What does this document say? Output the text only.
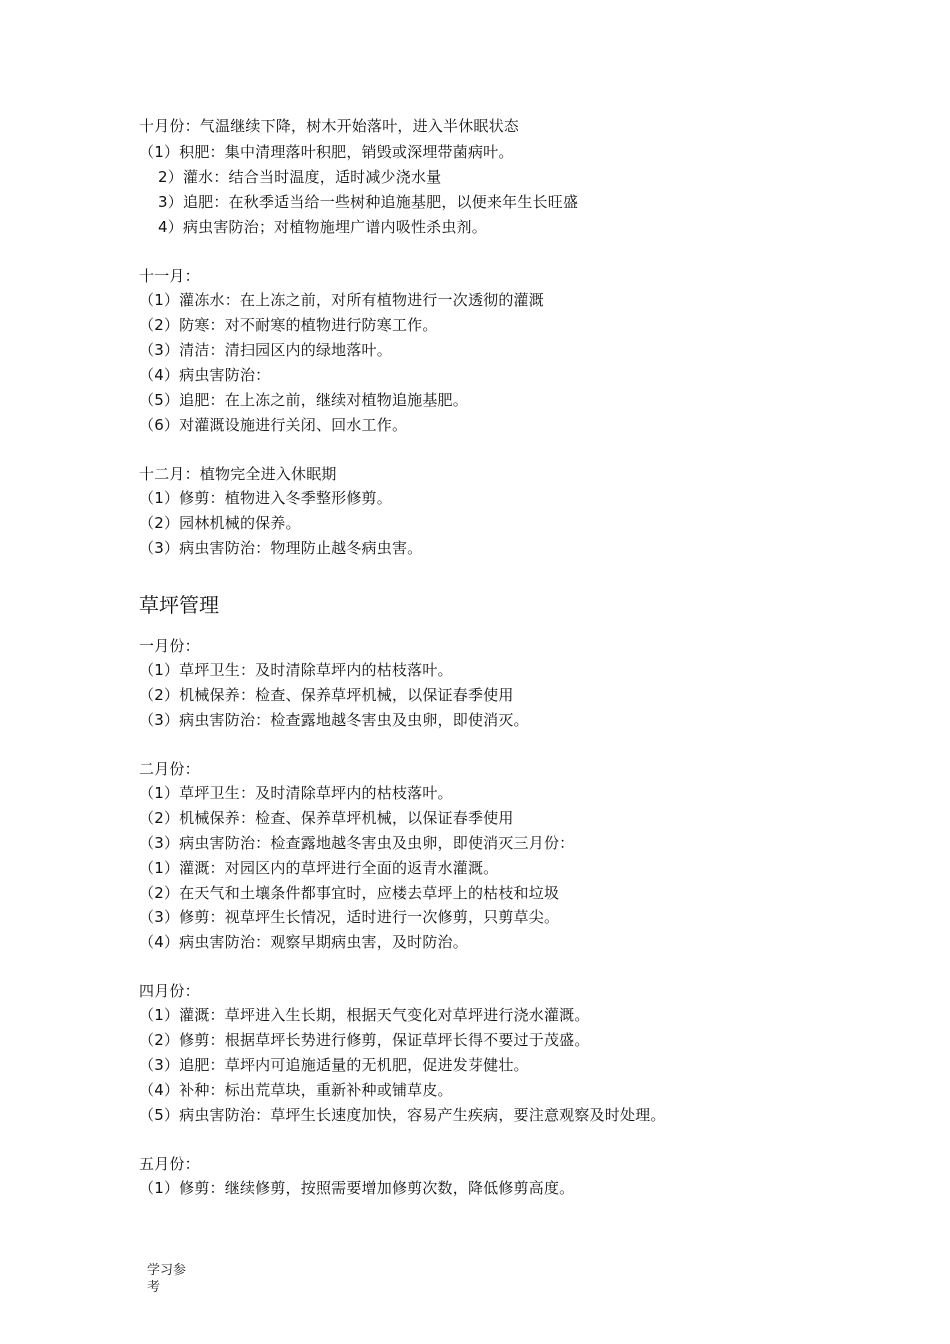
十月份：气温继续下降，树木开始落叶，进入半休眠状态
（1）积肥：集中清理落叶积肥，销毁或深埋带菌病叶。
2）灌水：结合当时温度，适时减少浇水量
3）追肥：在秋季适当给一些树种追施基肥，以便来年生长旺盛
4）病虫害防治；对植物施埋广谱内吸性杀虫剂。
十一月：
（1）灌冻水：在上冻之前，对所有植物进行一次透彻的灌溉
（2）防寒：对不耐寒的植物进行防寒工作。
（3）清洁：清扫园区内的绿地落叶。
（4）病虫害防治：
（5）追肥：在上冻之前，继续对植物追施基肥。
（6）对灌溉设施进行关闭、回水工作。
十二月：植物完全进入休眠期
（1）修剪：植物进入冬季整形修剪。
（2）园林机械的保养。
（3）病虫害防治：物理防止越冬病虫害。
草坪管理
一月份：
（1）草坪卫生：及时清除草坪内的枯枝落叶。
（2）机械保养：检查、保养草坪机械，以保证春季使用
（3）病虫害防治：检查露地越冬害虫及虫卵，即使消灭。
二月份：
（1）草坪卫生：及时清除草坪内的枯枝落叶。
（2）机械保养：检查、保养草坪机械，以保证春季使用
（3）病虫害防治：检查露地越冬害虫及虫卵，即使消灭三月份：
（1）灌溉：对园区内的草坪进行全面的返青水灌溉。
（2）在天气和土壤条件都事宜时，应楼去草坪上的枯枝和垃圾
（3）修剪：视草坪生长情况，适时进行一次修剪，只剪草尖。
（4）病虫害防治：观察早期病虫害，及时防治。
四月份：
（1）灌溉：草坪进入生长期，根据天气变化对草坪进行浇水灌溉。
（2）修剪：根据草坪长势进行修剪，保证草坪长得不要过于茂盛。
（3）追肥：草坪内可追施适量的无机肥，促进发芽健壮。
（4）补种：标出荒草块，重新补种或铺草皮。
（5）病虫害防治：草坪生长速度加快，容易产生疾病，要注意观察及时处理。
五月份：
（1）修剪：继续修剪，按照需要增加修剪次数，降低修剪高度。
学习参考
